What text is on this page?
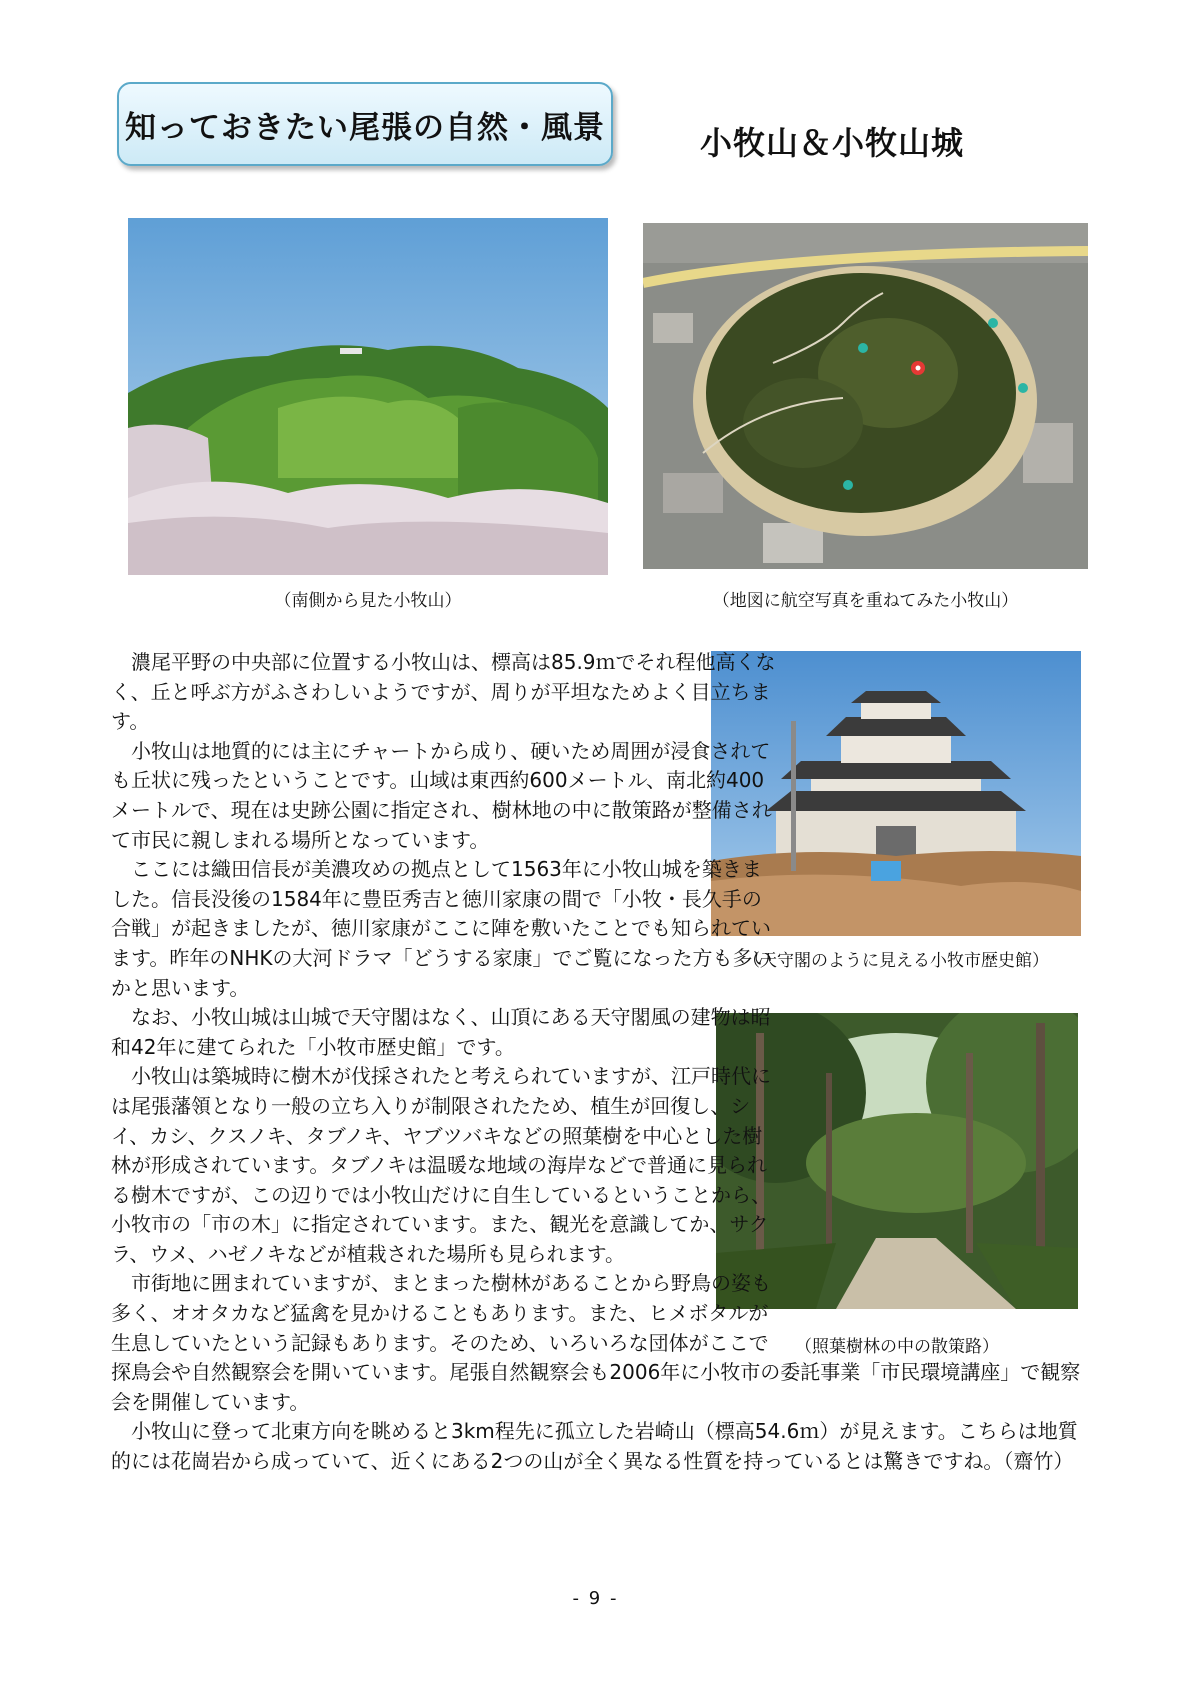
知っておきたい尾張の自然・風景	小牧山＆小牧山城
（南側から見た小牧山）	（地図に航空写真を重ねてみた小牧山）
（天守閣のように見える小牧市歴史館）
（照葉樹林の中の散策路）

濃尾平野の中央部に位置する小牧山は、標高は85.9ｍでそれ程他高くなく、丘と呼ぶ方がふさわしいようですが、周りが平坦なためよく目立ちます。

小牧山は地質的には主にチャートから成り、硬いため周囲が浸食されても丘状に残ったということです。山域は東西約600メートル、南北約400メートルで、現在は史跡公園に指定され、樹林地の中に散策路が整備されて市民に親しまれる場所となっています。

ここには織田信長が美濃攻めの拠点として1563年に小牧山城を築きました。信長没後の1584年に豊臣秀吉と徳川家康の間で「小牧・長久手の合戦」が起きましたが、徳川家康がここに陣を敷いたことでも知られています。昨年のNHKの大河ドラマ「どうする家康」でご覧になった方も多いかと思います。

なお、小牧山城は山城で天守閣はなく、山頂にある天守閣風の建物は昭和42年に建てられた「小牧市歴史館」です。

小牧山は築城時に樹木が伐採されたと考えられていますが、江戸時代には尾張藩領となり一般の立ち入りが制限されたため、植生が回復し、シイ、カシ、クスノキ、タブノキ、ヤブツバキなどの照葉樹を中心とした樹林が形成されています。タブノキは温暖な地域の海岸などで普通に見られる樹木ですが、この辺りでは小牧山だけに自生しているということから、小牧市の「市の木」に指定されています。また、観光を意識してか、サクラ、ウメ、ハゼノキなどが植栽された場所も見られます。

市街地に囲まれていますが、まとまった樹林があることから野鳥の姿も多く、オオタカなど猛禽を見かけることもあります。また、ヒメボタルが生息していたという記録もあります。そのため、いろいろな団体がここで探鳥会や自然観察会を開いています。尾張自然観察会も2006年に小牧市の委託事業「市民環境講座」で観察会を開催しています。

小牧山に登って北東方向を眺めると3km程先に孤立した岩崎山（標高54.6ｍ）が見えます。こちらは地質的には花崗岩から成っていて、近くにある2つの山が全く異なる性質を持っているとは驚きですね。（齋竹）

- 9 -
